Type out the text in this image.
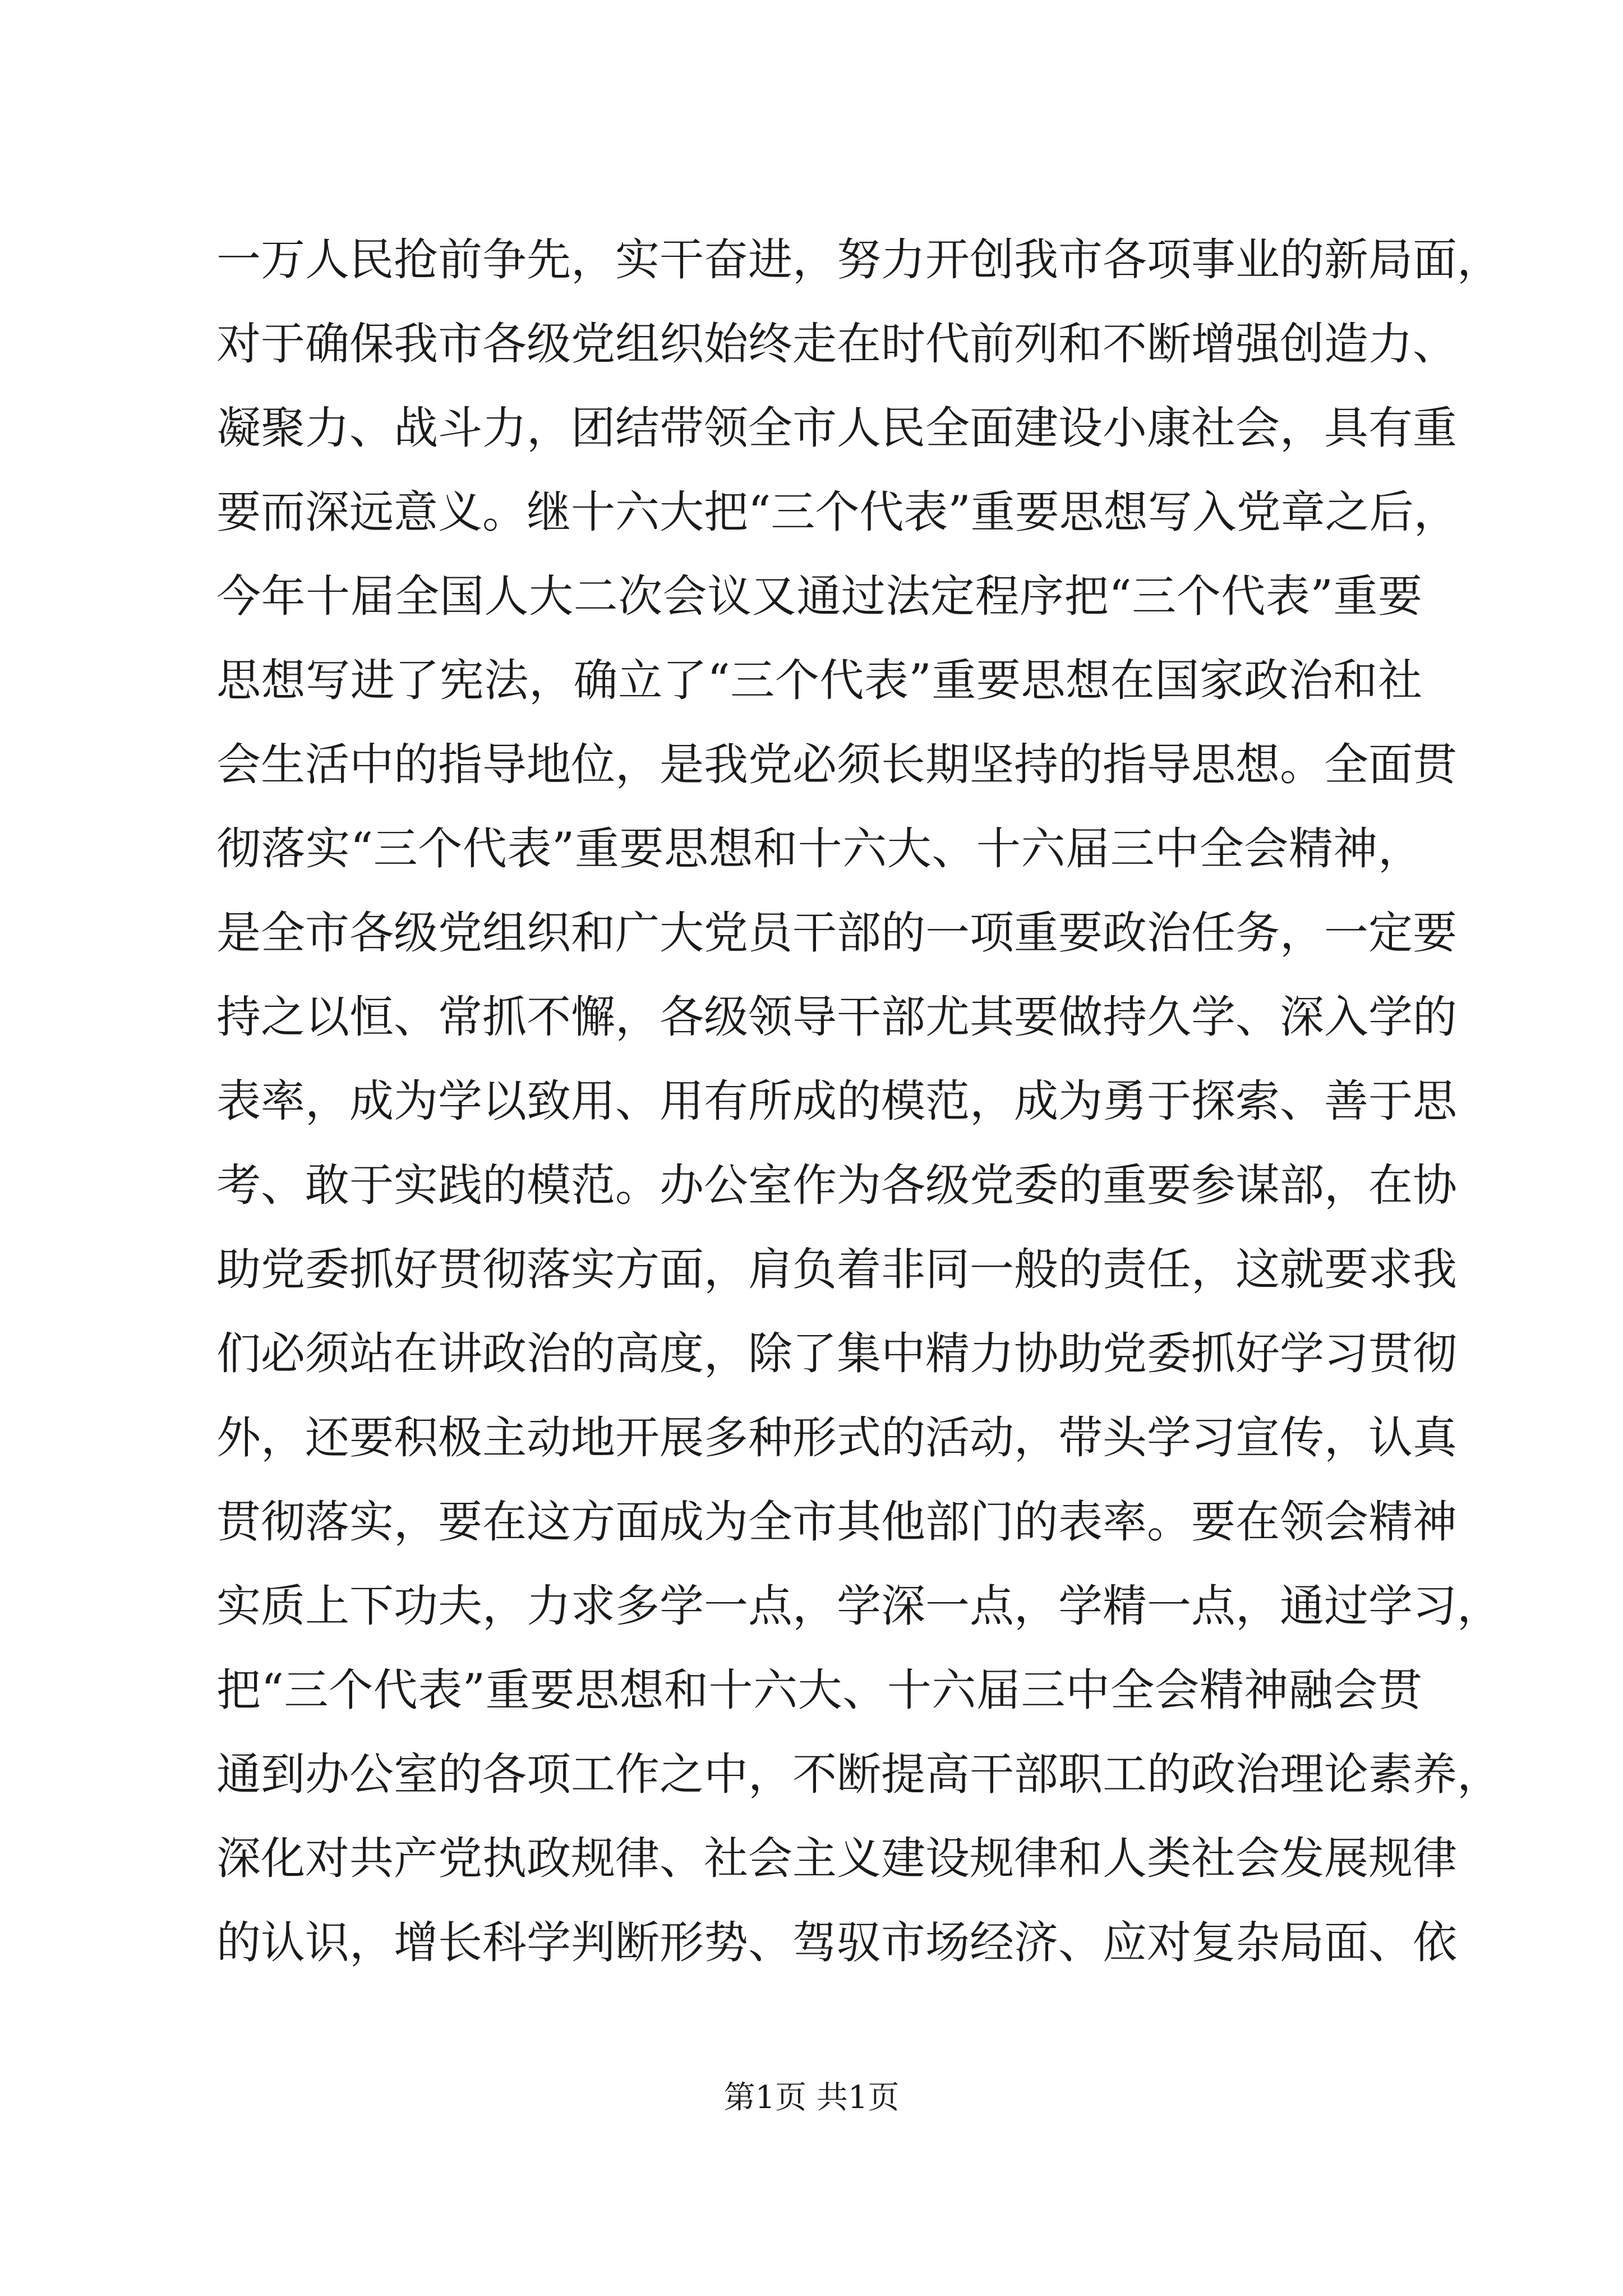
一万人民抢前争先，实干奋进，努力开创我市各项事业的新局面，
对于确保我市各级党组织始终走在时代前列和不断增强创造力、
凝聚力、战斗力，团结带领全市人民全面建设小康社会，具有重
要而深远意义。继十六大把“三个代表”重要思想写入党章之后，
今年十届全国人大二次会议又通过法定程序把“三个代表”重要
思想写进了宪法，确立了“三个代表”重要思想在国家政治和社
会生活中的指导地位，是我党必须长期坚持的指导思想。全面贯
彻落实“三个代表”重要思想和十六大、十六届三中全会精神，
是全市各级党组织和广大党员干部的一项重要政治任务，一定要
持之以恒、常抓不懈，各级领导干部尤其要做持久学、深入学的
表率，成为学以致用、用有所成的模范，成为勇于探索、善于思
考、敢于实践的模范。办公室作为各级党委的重要参谋部，在协
助党委抓好贯彻落实方面，肩负着非同一般的责任，这就要求我
们必须站在讲政治的高度，除了集中精力协助党委抓好学习贯彻
外，还要积极主动地开展多种形式的活动，带头学习宣传，认真
贯彻落实，要在这方面成为全市其他部门的表率。要在领会精神
实质上下功夫，力求多学一点，学深一点，学精一点，通过学习，
把“三个代表”重要思想和十六大、十六届三中全会精神融会贯
通到办公室的各项工作之中，不断提高干部职工的政治理论素养，
深化对共产党执政规律、社会主义建设规律和人类社会发展规律
的认识，增长科学判断形势、驾驭市场经济、应对复杂局面、依
第1页 共1页
